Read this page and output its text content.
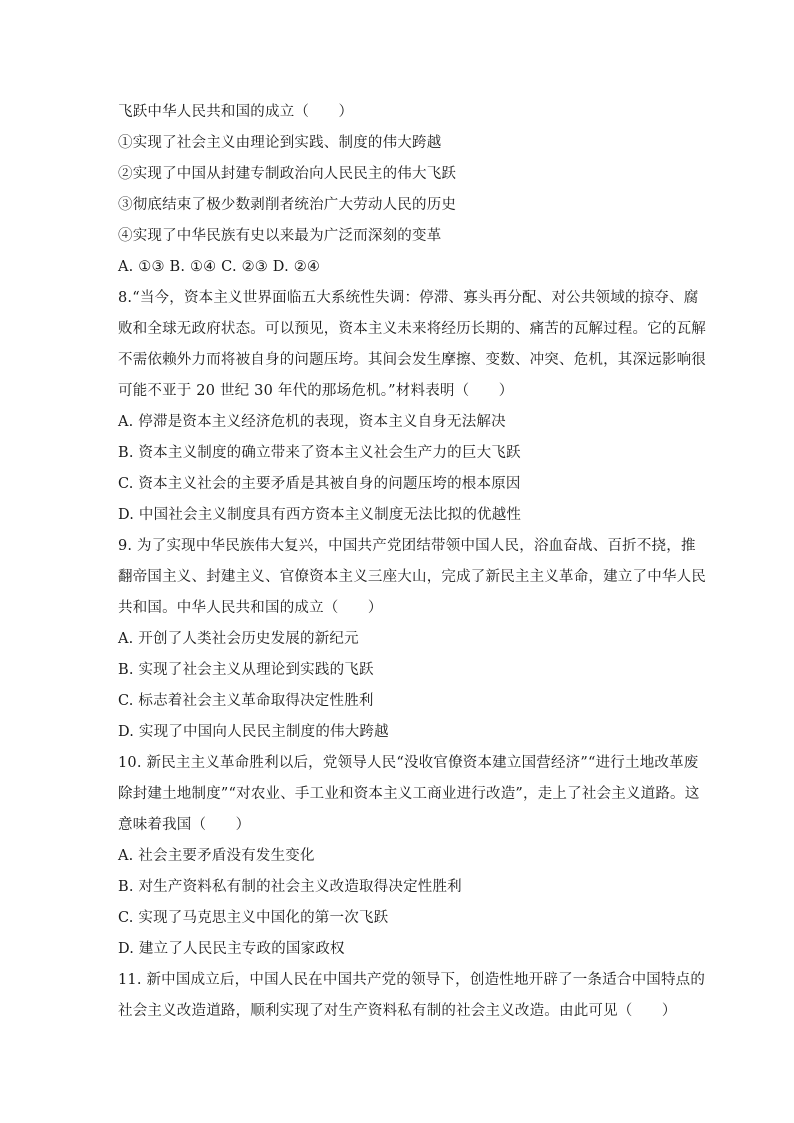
飞跃中华人民共和国的成立（　　）
①实现了社会主义由理论到实践、制度的伟大跨越
②实现了中国从封建专制政治向人民民主的伟大飞跃
③彻底结束了极少数剥削者统治广大劳动人民的历史
④实现了中华民族有史以来最为广泛而深刻的变革
A. ①③ B. ①④ C. ②③ D. ②④
8.“当今，资本主义世界面临五大系统性失调：停滞、寡头再分配、对公共领域的掠夺、腐
败和全球无政府状态。可以预见，资本主义未来将经历长期的、痛苦的瓦解过程。它的瓦解
不需依赖外力而将被自身的问题压垮。其间会发生摩擦、变数、冲突、危机，其深远影响很
可能不亚于 20 世纪 30 年代的那场危机。”材料表明（　　）
A. 停滞是资本主义经济危机的表现，资本主义自身无法解决
B. 资本主义制度的确立带来了资本主义社会生产力的巨大飞跃
C. 资本主义社会的主要矛盾是其被自身的问题压垮的根本原因
D. 中国社会主义制度具有西方资本主义制度无法比拟的优越性
9. 为了实现中华民族伟大复兴，中国共产党团结带领中国人民，浴血奋战、百折不挠，推
翻帝国主义、封建主义、官僚资本主义三座大山，完成了新民主主义革命，建立了中华人民
共和国。中华人民共和国的成立（　　）
A. 开创了人类社会历史发展的新纪元
B. 实现了社会主义从理论到实践的飞跃
C. 标志着社会主义革命取得决定性胜利
D. 实现了中国向人民民主制度的伟大跨越
10. 新民主主义革命胜利以后，党领导人民“没收官僚资本建立国营经济”“进行土地改革废
除封建土地制度”“对农业、手工业和资本主义工商业进行改造”，走上了社会主义道路。这
意味着我国（　　）
A. 社会主要矛盾没有发生变化
B. 对生产资料私有制的社会主义改造取得决定性胜利
C. 实现了马克思主义中国化的第一次飞跃
D. 建立了人民民主专政的国家政权
11. 新中国成立后，中国人民在中国共产党的领导下，创造性地开辟了一条适合中国特点的
社会主义改造道路，顺利实现了对生产资料私有制的社会主义改造。由此可见（　　）
